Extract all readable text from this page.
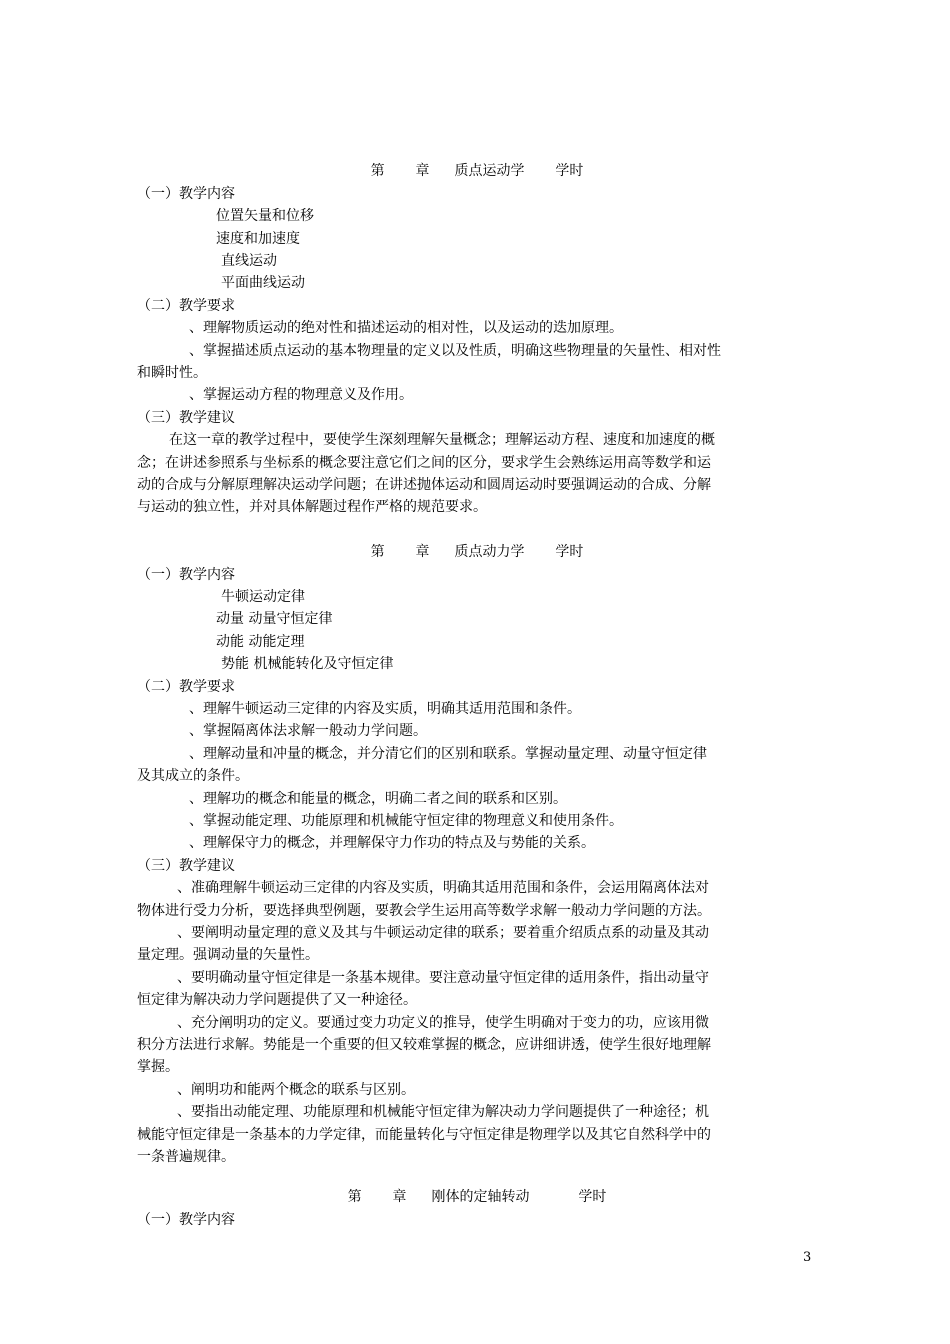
第 章 质点运动学 学时
（一）教学内容
位置矢量和位移
速度和加速度
直线运动
平面曲线运动
（二）教学要求
、理解物质运动的绝对性和描述运动的相对性，以及运动的迭加原理。
、掌握描述质点运动的基本物理量的定义以及性质，明确这些物理量的矢量性、相对性
和瞬时性。
、掌握运动方程的物理意义及作用。
（三）教学建议
在这一章的教学过程中，要使学生深刻理解矢量概念；理解运动方程、速度和加速度的概
念；在讲述参照系与坐标系的概念要注意它们之间的区分，要求学生会熟练运用高等数学和运
动的合成与分解原理解决运动学问题；在讲述抛体运动和圆周运动时要强调运动的合成、分解
与运动的独立性，并对具体解题过程作严格的规范要求。
第 章 质点动力学 学时
（一）教学内容
牛顿运动定律
动量 动量守恒定律
动能 动能定理
势能 机械能转化及守恒定律
（二）教学要求
、理解牛顿运动三定律的内容及实质，明确其适用范围和条件。
、掌握隔离体法求解一般动力学问题。
、理解动量和冲量的概念，并分清它们的区别和联系。掌握动量定理、动量守恒定律
及其成立的条件。
、理解功的概念和能量的概念，明确二者之间的联系和区别。
、掌握动能定理、功能原理和机械能守恒定律的物理意义和使用条件。
、理解保守力的概念，并理解保守力作功的特点及与势能的关系。
（三）教学建议
、准确理解牛顿运动三定律的内容及实质，明确其适用范围和条件，会运用隔离体法对
物体进行受力分析，要选择典型例题，要教会学生运用高等数学求解一般动力学问题的方法。
、要阐明动量定理的意义及其与牛顿运动定律的联系；要着重介绍质点系的动量及其动
量定理。强调动量的矢量性。
、要明确动量守恒定律是一条基本规律。要注意动量守恒定律的适用条件，指出动量守
恒定律为解决动力学问题提供了又一种途径。
、充分阐明功的定义。要通过变力功定义的推导，使学生明确对于变力的功，应该用微
积分方法进行求解。势能是一个重要的但又较难掌握的概念，应讲细讲透，使学生很好地理解
掌握。
、阐明功和能两个概念的联系与区别。
、要指出动能定理、功能原理和机械能守恒定律为解决动力学问题提供了一种途径；机
械能守恒定律是一条基本的力学定律，而能量转化与守恒定律是物理学以及其它自然科学中的
一条普遍规律。
第 章 刚体的定轴转动	学时
（一）教学内容
3
